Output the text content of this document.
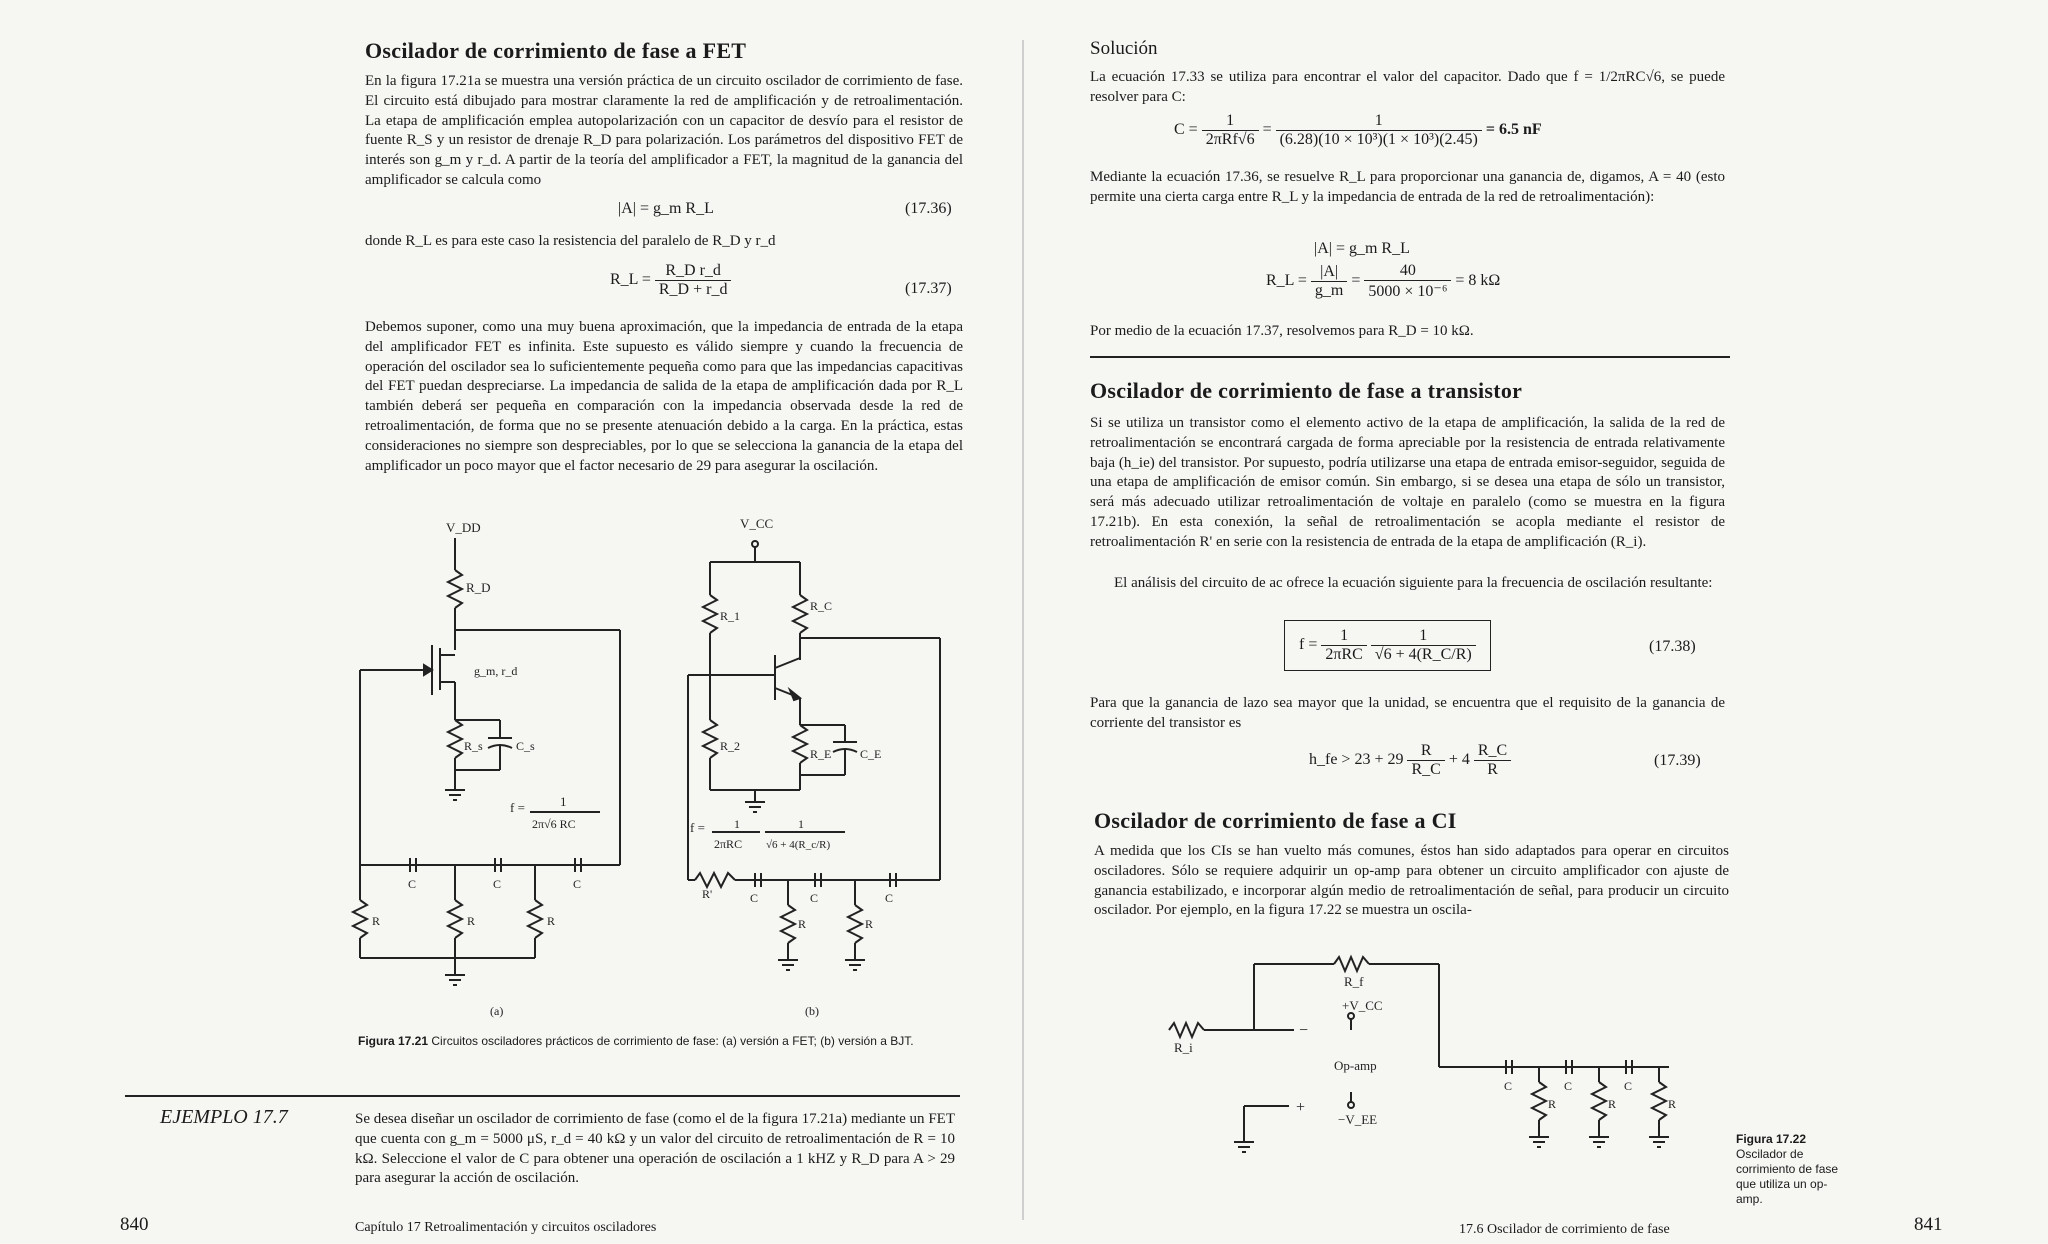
Oscilador de corrimiento de fase a FET

En la figura 17.21a se muestra una versión práctica de un circuito oscilador de corrimiento de fase. El circuito está dibujado para mostrar claramente la red de amplificación y de retroalimentación. La etapa de amplificación emplea autopolarización con un capacitor de desvío para el resistor de fuente R_S y un resistor de drenaje R_D para polarización. Los parámetros del dispositivo FET de interés son g_m y r_d. A partir de la teoría del amplificador a FET, la magnitud de la ganancia del amplificador se calcula como

|A| = g_m R_L	(17.36)

donde R_L es para este caso la resistencia del paralelo de R_D y r_d

R_L = $\frac{\text{R\_D r\_d}}{R\_D + r\_d}$	(17.37)

Debemos suponer, como una muy buena aproximación, que la impedancia de entrada de la etapa del amplificador FET es infinita. Este supuesto es válido siempre y cuando la frecuencia de operación del oscilador sea lo suficientemente pequeña como para que las impedancias capacitivas del FET puedan despreciarse. La impedancia de salida de la etapa de amplificación dada por R_L también deberá ser pequeña en comparación con la impedancia observada desde la red de retroalimentación, de forma que no se presente atenuación debido a la carga. En la práctica, estas consideraciones no siempre son despreciables, por lo que se selecciona la ganancia de la etapa del amplificador un poco mayor que el factor necesario de 29 para asegurar la oscilación.

V_DD
R_D
g_m, r_d
R_s	C_s
f =	1
2π√6 RC
C	C	C
R	R	R
(a)
V_CC
R_1
R_C
R_2
R_E C_E
f = 1
2πRC
1
√6 + 4(R_c/R)
R'	C	C	C
R	R
(b)
Figura 17.21 Circuitos osciladores prácticos de corrimiento de fase: (a) versión a FET; (b) versión a BJT.
EJEMPLO 17.7	Se desea diseñar un oscilador de corrimiento de fase (como el de la figura 17.21a) mediante un FET que cuenta con g_m = 5000 μS, r_d = 40 kΩ y un valor del circuito de retroalimentación de R = 10 kΩ. Seleccione el valor de C para obtener una operación de oscilación a 1 kHZ y R_D para A > 29 para asegurar la acción de oscilación.

840	Capítulo 17 Retroalimentación y circuitos osciladores
Solución

La ecuación 17.33 se utiliza para encontrar el valor del capacitor. Dado que f = 1/2πRC√6, se puede resolver para C:

$C = \frac{1}{\text{2πRf√6}} = \frac{1}{\text{(6.28)(10 × 10³)(1 × 10³)(2.45)}} = 6.5$ nF

Mediante la ecuación 17.36, se resuelve R_L para proporcionar una ganancia de, digamos, A = 40 (esto permite una cierta carga entre R_L y la impedancia de entrada de la red de retroalimentación):

|A| = g_m R_L
R_L = $\frac{|A|}{g\_m} = \frac{40}{\text{5000 × 10⁻⁶}} = 8$ kΩ

Por medio de la ecuación 17.37, resolvemos para R_D = 10 kΩ.

Oscilador de corrimiento de fase a transistor

Si se utiliza un transistor como el elemento activo de la etapa de amplificación, la salida de la red de retroalimentación se encontrará cargada de forma apreciable por la resistencia de entrada relativamente baja (h_ie) del transistor. Por supuesto, podría utilizarse una etapa de entrada emisor-seguidor, seguida de una etapa de amplificación de emisor común. Sin embargo, si se desea una etapa de sólo un transistor, será más adecuado utilizar retroalimentación de voltaje en paralelo (como se muestra en la figura 17.21b). En esta conexión, la señal de retroalimentación se acopla mediante el resistor de retroalimentación R' en serie con la resistencia de entrada de la etapa de amplificación (R_i).

El análisis del circuito de ac ofrece la ecuación siguiente para la frecuencia de oscilación resultante:

$f = \frac{1}{\text{2πRC}}$
$\frac{1}{√6 + 4(R\_C/R)}$	(17.38)

Para que la ganancia de lazo sea mayor que la unidad, se encuentra que el requisito de la ganancia de corriente del transistor es

h_fe > $23 + 29 \frac{R}{R\_C} + 4 \frac{R\_C}{R}$	(17.39)
Oscilador de corrimiento de fase a CI

A medida que los CIs se han vuelto más comunes, éstos han sido adaptados para operar en circuitos osciladores. Sólo se requiere adquirir un op-amp para obtener un circuito amplificador con ajuste de ganancia estabilizado, e incorporar algún medio de retroalimentación de señal, para producir un circuito oscilador. Por ejemplo, en la figura 17.22 se muestra un oscila-

R_i
R_f
+V_CC
−
Op-amp
+
−V_EE
C	C	C
R	R	R
Figura 17.22 Oscilador de corrimiento de fase que utiliza un op-amp.
17.6 Oscilador de corrimiento de fase	841
